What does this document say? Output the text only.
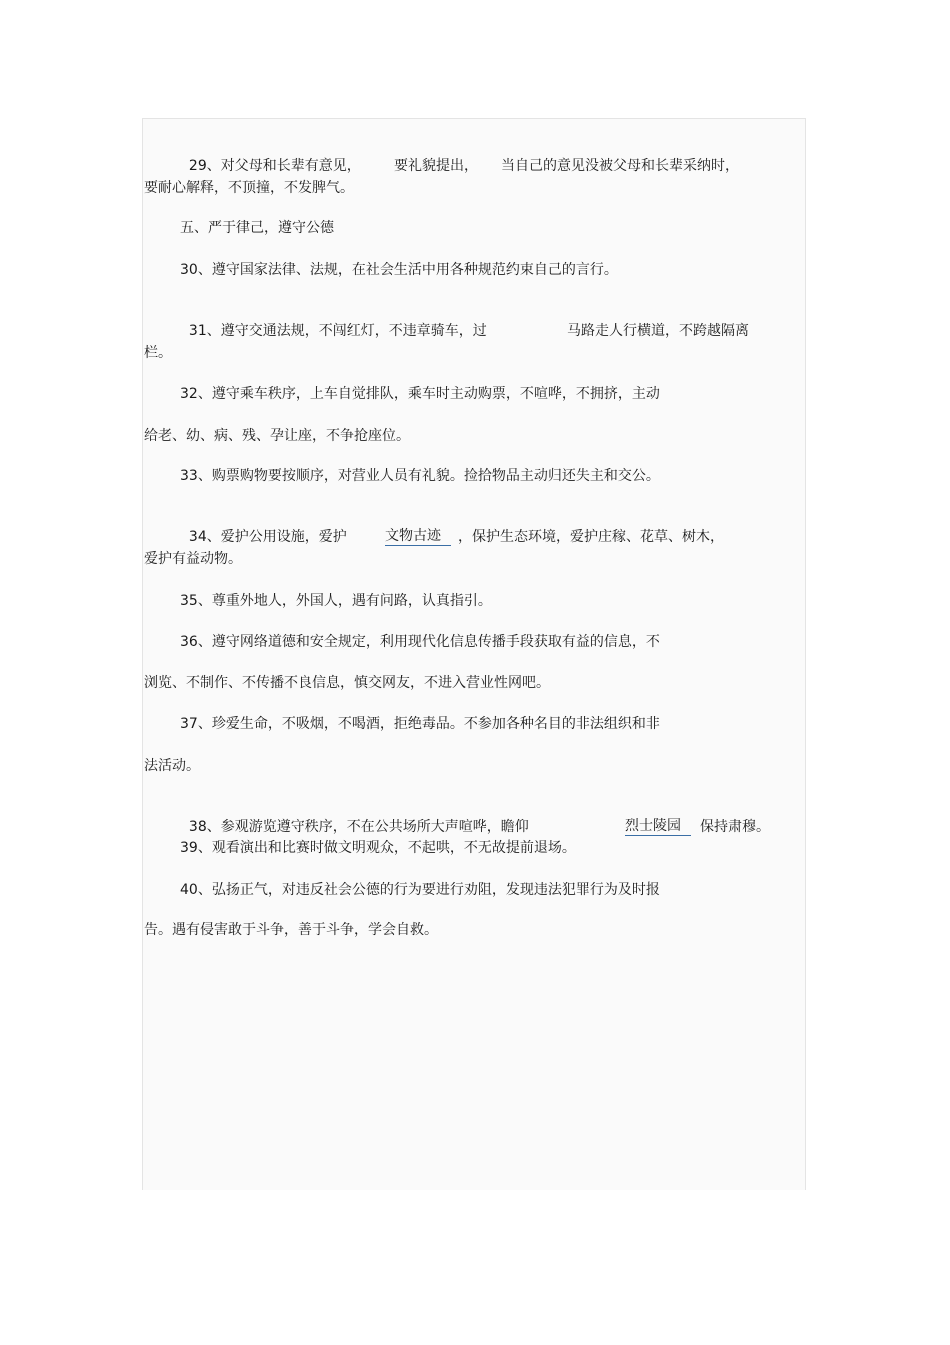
29、对父母和长辈有意见， 要礼貌提出， 当自己的意见没被父母和长辈采纳时，

要耐心解释，不顶撞，不发脾气。
五、严于律己，遵守公德
30、遵守国家法律、法规，在社会生活中用各种规范约束自己的言行。

31、遵守交通法规，不闯红灯，不违章骑车，过	马路走人行横道，不跨越隔离

栏。
32、遵守乘车秩序，上车自觉排队，乘车时主动购票，不喧哗，不拥挤，主动
给老、幼、病、残、孕让座，不争抢座位。
33、购票购物要按顺序，对营业人员有礼貌。捡拾物品主动归还失主和交公。

34、爱护公用设施，爱护	文物古迹	，保护生态环境，爱护庄稼、花草、树木，

爱护有益动物。
35、尊重外地人，外国人，遇有问路，认真指引。
36、遵守网络道德和安全规定，利用现代化信息传播手段获取有益的信息，不
浏览、不制作、不传播不良信息，慎交网友，不进入营业性网吧。
37、珍爱生命，不吸烟，不喝酒，拒绝毒品。不参加各种名目的非法组织和非
法活动。

38、参观游览遵守秩序，不在公共场所大声喧哗，瞻仰	烈士陵园	保持肃穆。

39、观看演出和比赛时做文明观众，不起哄，不无故提前退场。
40、弘扬正气，对违反社会公德的行为要进行劝阻，发现违法犯罪行为及时报
告。遇有侵害敢于斗争，善于斗争，学会自救。
